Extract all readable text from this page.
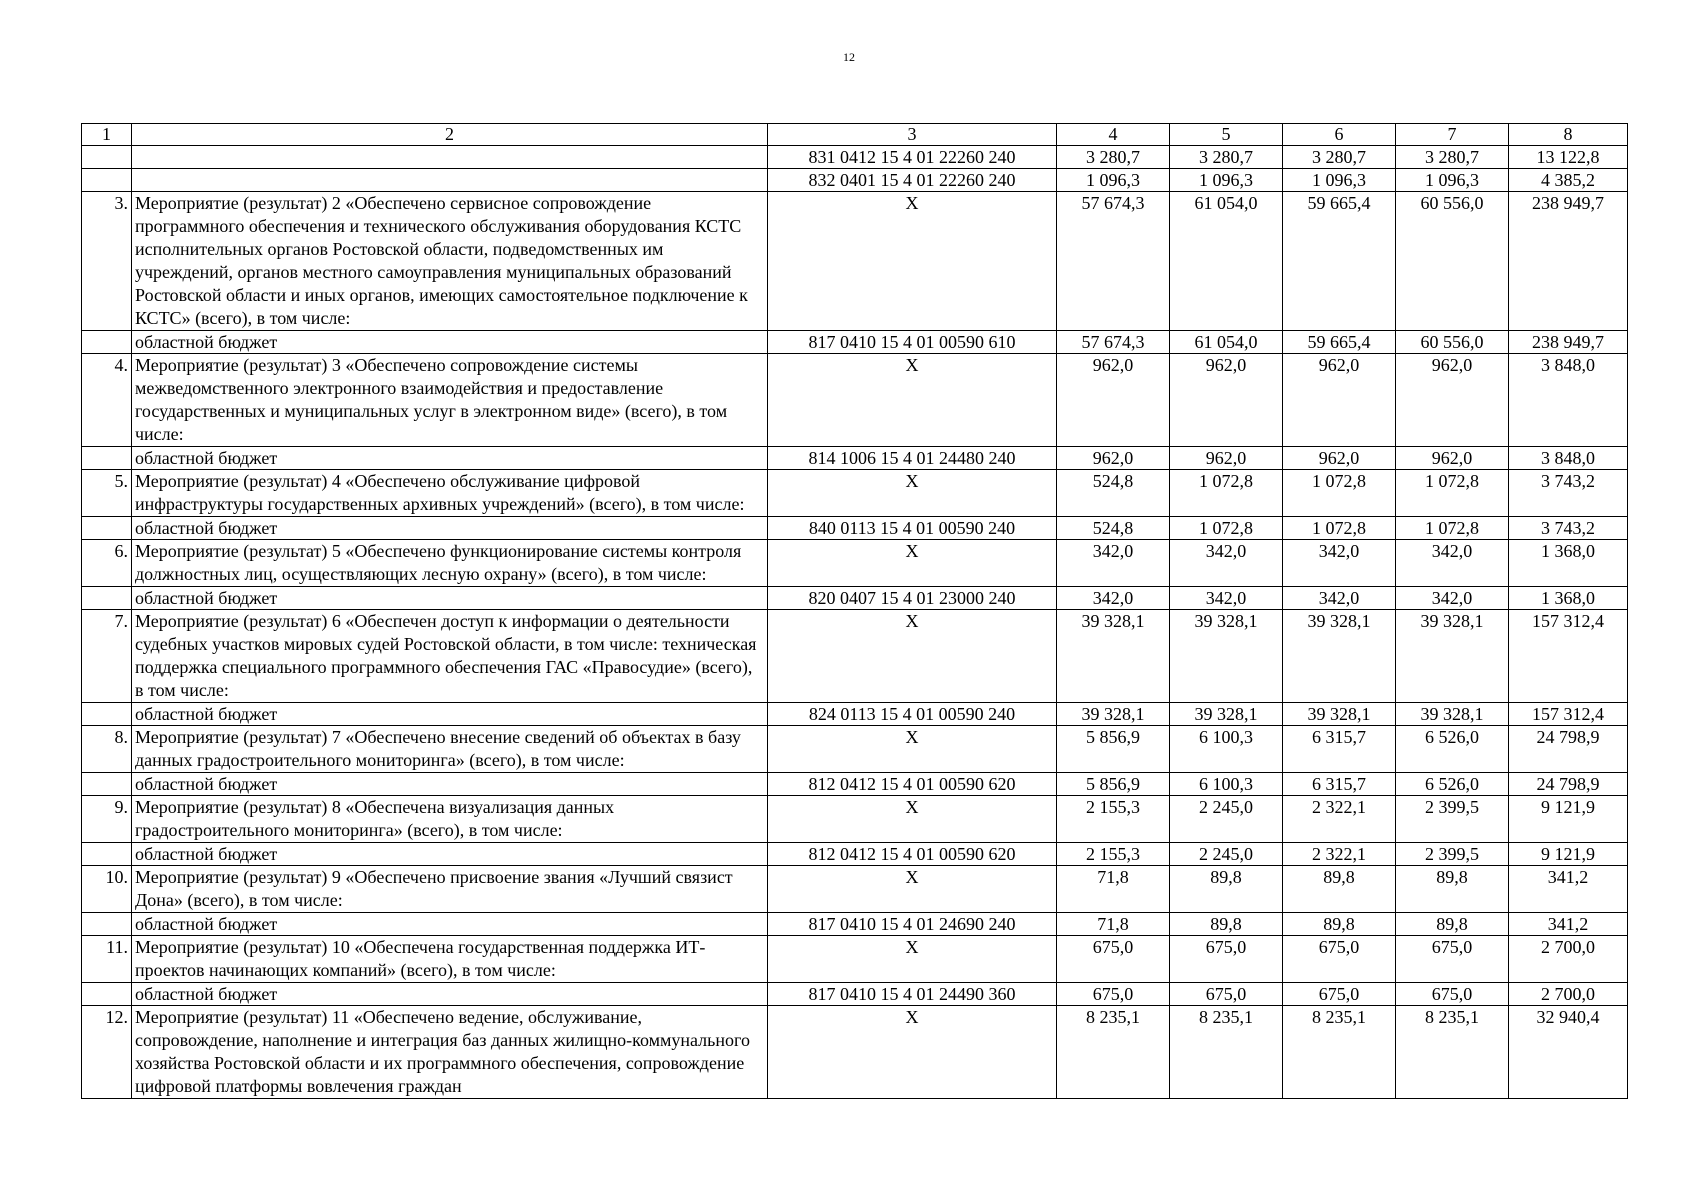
12
1	2	3	4	5	6	7	8
		831 0412 15 4 01 22260 240	3 280,7	3 280,7	3 280,7	3 280,7	13 122,8
		832 0401 15 4 01 22260 240	1 096,3	1 096,3	1 096,3	1 096,3	4 385,2
3.	Мероприятие (результат) 2 «Обеспечено сервисное сопровождение программного обеспечения и технического обслуживания оборудования КСТС исполнительных органов Ростовской области, подведомственных им учреждений, органов местного самоуправления муниципальных образований Ростовской области и иных органов, имеющих самостоятельное подключение к КСТС» (всего), в том числе:	Х	57 674,3	61 054,0	59 665,4	60 556,0	238 949,7
	областной бюджет	817 0410 15 4 01 00590 610	57 674,3	61 054,0	59 665,4	60 556,0	238 949,7
4.	Мероприятие (результат) 3 «Обеспечено сопровождение системы межведомственного электронного взаимодействия и предоставление государственных и муниципальных услуг в электронном виде» (всего), в том числе:	Х	962,0	962,0	962,0	962,0	3 848,0
	областной бюджет	814 1006 15 4 01 24480 240	962,0	962,0	962,0	962,0	3 848,0
5.	Мероприятие (результат) 4 «Обеспечено обслуживание цифровой инфраструктуры государственных архивных учреждений» (всего), в том числе:	Х	524,8	1 072,8	1 072,8	1 072,8	3 743,2
	областной бюджет	840 0113 15 4 01 00590 240	524,8	1 072,8	1 072,8	1 072,8	3 743,2
6.	Мероприятие (результат) 5 «Обеспечено функционирование системы контроля должностных лиц, осуществляющих лесную охрану» (всего), в том числе:	Х	342,0	342,0	342,0	342,0	1 368,0
	областной бюджет	820 0407 15 4 01 23000 240	342,0	342,0	342,0	342,0	1 368,0
7.	Мероприятие (результат) 6 «Обеспечен доступ к информации о деятельности судебных участков мировых судей Ростовской области, в том числе: техническая поддержка специального программного обеспечения ГАС «Правосудие» (всего), в том числе:	Х	39 328,1	39 328,1	39 328,1	39 328,1	157 312,4
	областной бюджет	824 0113 15 4 01 00590 240	39 328,1	39 328,1	39 328,1	39 328,1	157 312,4
8.	Мероприятие (результат) 7 «Обеспечено внесение сведений об объектах в базу данных градостроительного мониторинга» (всего), в том числе:	Х	5 856,9	6 100,3	6 315,7	6 526,0	24 798,9
	областной бюджет	812 0412 15 4 01 00590 620	5 856,9	6 100,3	6 315,7	6 526,0	24 798,9
9.	Мероприятие (результат) 8 «Обеспечена визуализация данных градостроительного мониторинга» (всего), в том числе:	Х	2 155,3	2 245,0	2 322,1	2 399,5	9 121,9
	областной бюджет	812 0412 15 4 01 00590 620	2 155,3	2 245,0	2 322,1	2 399,5	9 121,9
10.	Мероприятие (результат) 9 «Обеспечено присвоение звания «Лучший связист Дона» (всего), в том числе:	Х	71,8	89,8	89,8	89,8	341,2
	областной бюджет	817 0410 15 4 01 24690 240	71,8	89,8	89,8	89,8	341,2
11.	Мероприятие (результат) 10 «Обеспечена государственная поддержка ИТ-проектов начинающих компаний» (всего), в том числе:	Х	675,0	675,0	675,0	675,0	2 700,0
	областной бюджет	817 0410 15 4 01 24490 360	675,0	675,0	675,0	675,0	2 700,0
12.	Мероприятие (результат) 11 «Обеспечено ведение, обслуживание, сопровождение, наполнение и интеграция баз данных жилищно-коммунального хозяйства Ростовской области и их программного обеспечения, сопровождение цифровой платформы вовлечения граждан	Х	8 235,1	8 235,1	8 235,1	8 235,1	32 940,4
